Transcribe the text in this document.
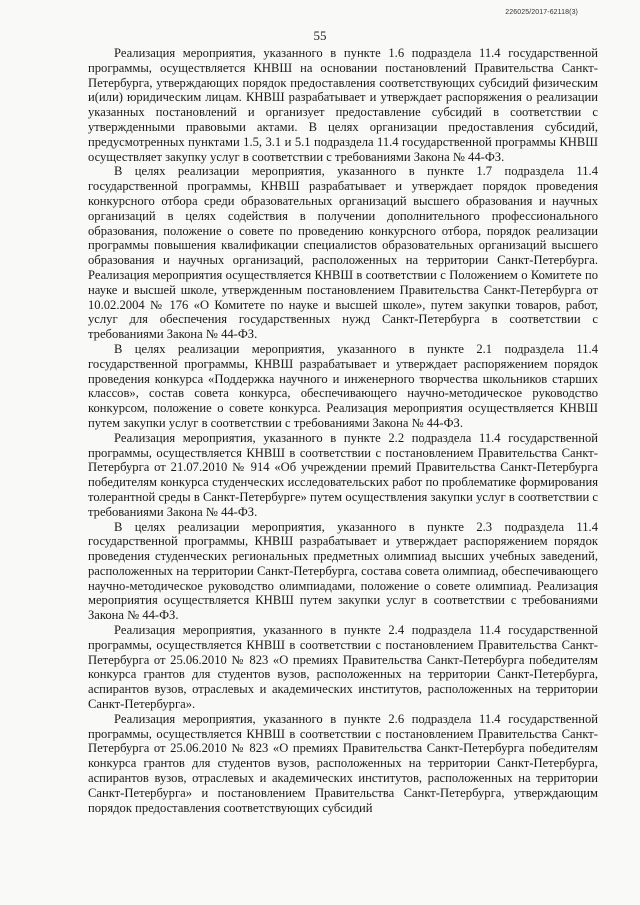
226025/2017-62118(3)
55

Реализация мероприятия, указанного в пункте 1.6 подраздела 11.4 государственной программы, осуществляется КНВШ на основании постановлений Правительства Санкт-Петербурга, утверждающих порядок предоставления соответствующих субсидий физическим и(или) юридическим лицам. КНВШ разрабатывает и утверждает распоряжения о реализации указанных постановлений и организует предоставление субсидий в соответствии с утвержденными правовыми актами. В целях организации предоставления субсидий, предусмотренных пунктами 1.5, 3.1 и 5.1 подраздела 11.4 государственной программы КНВШ осуществляет закупку услуг в соответствии с требованиями Закона № 44-ФЗ.

В целях реализации мероприятия, указанного в пункте 1.7 подраздела 11.4 государственной программы, КНВШ разрабатывает и утверждает порядок проведения конкурсного отбора среди образовательных организаций высшего образования и научных организаций в целях содействия в получении дополнительного профессионального образования, положение о совете по проведению конкурсного отбора, порядок реализации программы повышения квалификации специалистов образовательных организаций высшего образования и научных организаций, расположенных на территории Санкт-Петербурга. Реализация мероприятия осуществляется КНВШ в соответствии с Положением о Комитете по науке и высшей школе, утвержденным постановлением Правительства Санкт-Петербурга от 10.02.2004 № 176 «О Комитете по науке и высшей школе», путем закупки товаров, работ, услуг для обеспечения государственных нужд Санкт-Петербурга в соответствии с требованиями Закона № 44-ФЗ.

В целях реализации мероприятия, указанного в пункте 2.1 подраздела 11.4 государственной программы, КНВШ разрабатывает и утверждает распоряжением порядок проведения конкурса «Поддержка научного и инженерного творчества школьников старших классов», состав совета конкурса, обеспечивающего научно-методическое руководство конкурсом, положение о совете конкурса. Реализация мероприятия осуществляется КНВШ путем закупки услуг в соответствии с требованиями Закона № 44-ФЗ.

Реализация мероприятия, указанного в пункте 2.2 подраздела 11.4 государственной программы, осуществляется КНВШ в соответствии с постановлением Правительства Санкт-Петербурга от 21.07.2010 № 914 «Об учреждении премий Правительства Санкт-Петербурга победителям конкурса студенческих исследовательских работ по проблематике формирования толерантной среды в Санкт-Петербурге» путем осуществления закупки услуг в соответствии с требованиями Закона № 44-ФЗ.

В целях реализации мероприятия, указанного в пункте 2.3 подраздела 11.4 государственной программы, КНВШ разрабатывает и утверждает распоряжением порядок проведения студенческих региональных предметных олимпиад высших учебных заведений, расположенных на территории Санкт-Петербурга, состава совета олимпиад, обеспечивающего научно-методическое руководство олимпиадами, положение о совете олимпиад. Реализация мероприятия осуществляется КНВШ путем закупки услуг в соответствии с требованиями Закона № 44-ФЗ.

Реализация мероприятия, указанного в пункте 2.4 подраздела 11.4 государственной программы, осуществляется КНВШ в соответствии с постановлением Правительства Санкт-Петербурга от 25.06.2010 № 823 «О премиях Правительства Санкт-Петербурга победителям конкурса грантов для студентов вузов, расположенных на территории Санкт-Петербурга, аспирантов вузов, отраслевых и академических институтов, расположенных на территории Санкт-Петербурга».

Реализация мероприятия, указанного в пункте 2.6 подраздела 11.4 государственной программы, осуществляется КНВШ в соответствии с постановлением Правительства Санкт-Петербурга от 25.06.2010 № 823 «О премиях Правительства Санкт-Петербурга победителям конкурса грантов для студентов вузов, расположенных на территории Санкт-Петербурга, аспирантов вузов, отраслевых и академических институтов, расположенных на территории Санкт-Петербурга» и постановлением Правительства Санкт-Петербурга, утверждающим порядок предоставления соответствующих субсидий
